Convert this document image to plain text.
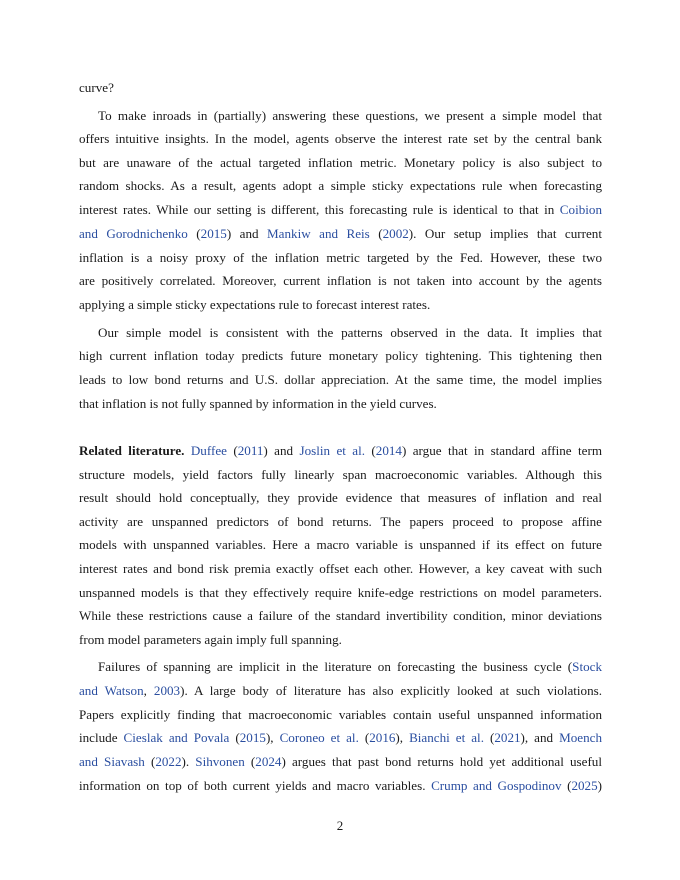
curve?
To make inroads in (partially) answering these questions, we present a simple model that
offers intuitive insights. In the model, agents observe the interest rate set by the central bank
but are unaware of the actual targeted inflation metric. Monetary policy is also subject to
random shocks. As a result, agents adopt a simple sticky expectations rule when forecasting
interest rates. While our setting is different, this forecasting rule is identical to that in Coibion
and Gorodnichenko (2015) and Mankiw and Reis (2002). Our setup implies that current
inflation is a noisy proxy of the inflation metric targeted by the Fed. However, these two
are positively correlated. Moreover, current inflation is not taken into account by the agents
applying a simple sticky expectations rule to forecast interest rates.
Our simple model is consistent with the patterns observed in the data. It implies that
high current inflation today predicts future monetary policy tightening. This tightening then
leads to low bond returns and U.S. dollar appreciation. At the same time, the model implies
that inflation is not fully spanned by information in the yield curves.
Related literature. Duffee (2011) and Joslin et al. (2014) argue that in standard affine term
structure models, yield factors fully linearly span macroeconomic variables. Although this
result should hold conceptually, they provide evidence that measures of inflation and real
activity are unspanned predictors of bond returns. The papers proceed to propose affine
models with unspanned variables. Here a macro variable is unspanned if its effect on future
interest rates and bond risk premia exactly offset each other. However, a key caveat with such
unspanned models is that they effectively require knife-edge restrictions on model parameters.
While these restrictions cause a failure of the standard invertibility condition, minor deviations
from model parameters again imply full spanning.
Failures of spanning are implicit in the literature on forecasting the business cycle (Stock
and Watson, 2003). A large body of literature has also explicitly looked at such violations.
Papers explicitly finding that macroeconomic variables contain useful unspanned information
include Cieslak and Povala (2015), Coroneo et al. (2016), Bianchi et al. (2021), and Moench
and Siavash (2022). Sihvonen (2024) argues that past bond returns hold yet additional useful
information on top of both current yields and macro variables. Crump and Gospodinov (2025)
2
